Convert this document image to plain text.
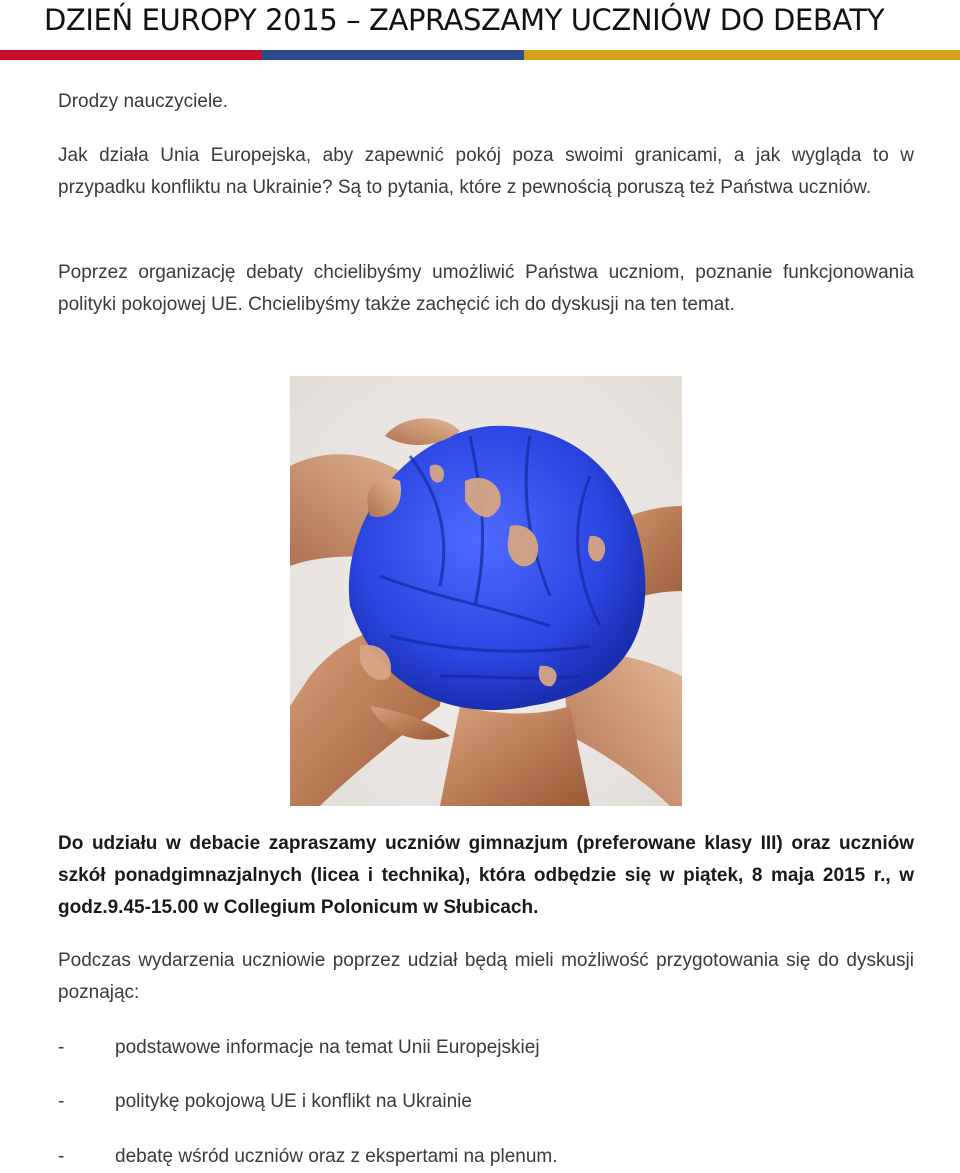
DZIEŃ EUROPY 2015 – ZAPRASZAMY UCZNIÓW DO DEBATY

Drodzy nauczyciele.

Jak działa Unia Europejska, aby zapewnić pokój poza swoimi granicami, a jak wygląda to w przypadku konfliktu na Ukrainie? Są to pytania, które z pewnością poruszą też Państwa uczniów.

Poprzez organizację debaty chcielibyśmy umożliwić Państwa uczniom, poznanie funkcjonowania polityki pokojowej UE. Chcielibyśmy także zachęcić ich do dyskusji na ten temat.

Do udziału w debacie zapraszamy uczniów gimnazjum (preferowane klasy III) oraz uczniów szkół ponadgimnazjalnych (licea i technika), która odbędzie się w piątek, 8 maja 2015 r., w godz.9.45-15.00 w Collegium Polonicum w Słubicach.

Podczas wydarzenia uczniowie poprzez udział będą mieli możliwość przygotowania się do dyskusji poznając:

-	podstawowe informacje na temat Unii Europejskiej
-	politykę pokojową UE i konflikt na Ukrainie
-	debatę wśród uczniów oraz z ekspertami na plenum.
